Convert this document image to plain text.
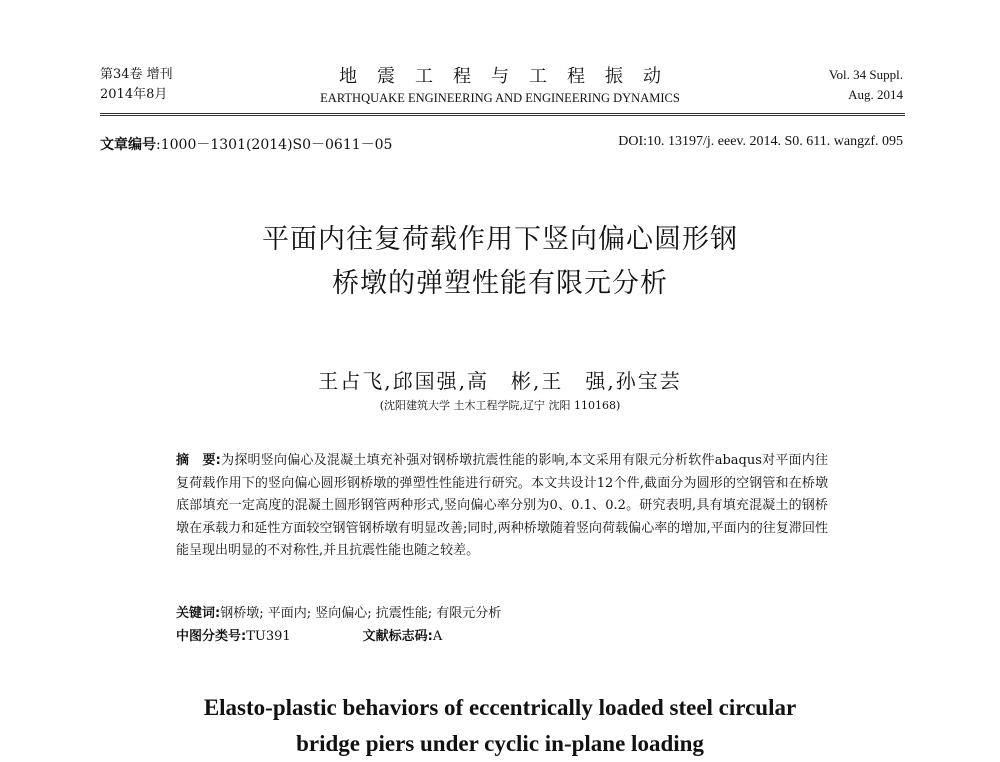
第34卷 增刊
2014年8月
地震工程与工程振动
EARTHQUAKE ENGINEERING AND ENGINEERING DYNAMICS
Vol. 34 Suppl.
Aug. 2014
文章编号:1000－1301(2014)S0－0611－05	DOI:10. 13197/j. eeev. 2014. S0. 611. wangzf. 095
平面内往复荷载作用下竖向偏心圆形钢
桥墩的弹塑性能有限元分析
王占飞,邱国强,高　彬,王　强,孙宝芸
(沈阳建筑大学 土木工程学院,辽宁 沈阳 110168)
摘　要:为探明竖向偏心及混凝土填充补强对钢桥墩抗震性能的影响,本文采用有限元分析软件abaqus对平面内往复荷载作用下的竖向偏心圆形钢桥墩的弹塑性性能进行研究。本文共设计12个件,截面分为圆形的空钢管和在桥墩底部填充一定高度的混凝土圆形钢管两种形式,竖向偏心率分别为0、0.1、0.2。研究表明,具有填充混凝土的钢桥墩在承载力和延性方面较空钢管钢桥墩有明显改善;同时,两种桥墩随着竖向荷载偏心率的增加,平面内的往复滞回性能呈现出明显的不对称性,并且抗震性能也随之较差。
关键词:钢桥墩; 平面内; 竖向偏心; 抗震性能; 有限元分析
中图分类号:TU391	文献标志码:A
Elasto-plastic behaviors of eccentrically loaded steel circular
bridge piers under cyclic in-plane loading
